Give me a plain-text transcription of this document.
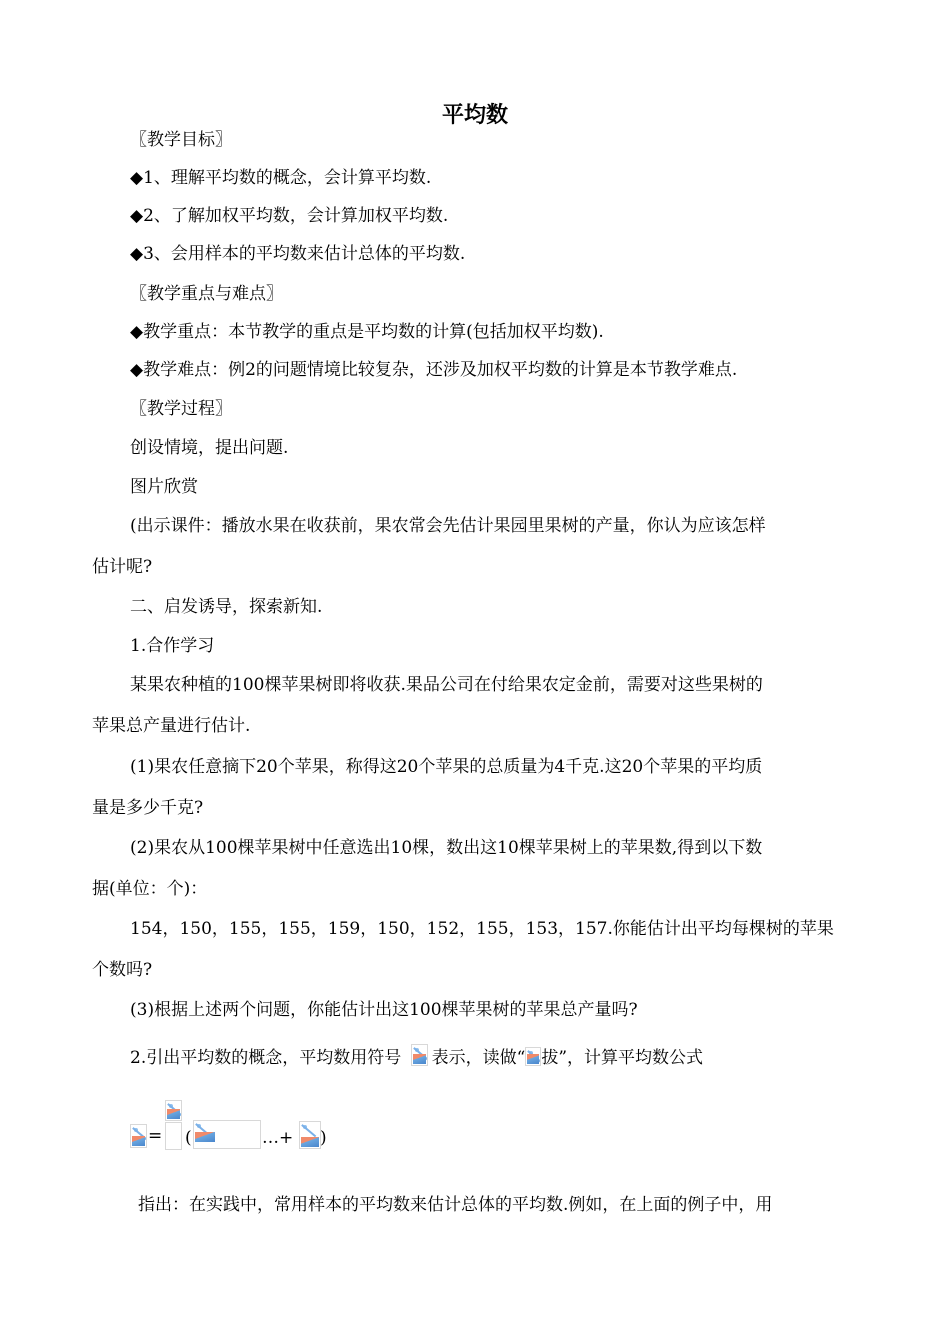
平均数
〖教学目标〗
◆1、理解平均数的概念，会计算平均数.
◆2、了解加权平均数，会计算加权平均数.
◆3、会用样本的平均数来估计总体的平均数.
〖教学重点与难点〗
◆教学重点：本节教学的重点是平均数的计算(包括加权平均数).
◆教学难点：例2的问题情境比较复杂，还涉及加权平均数的计算是本节教学难点.
〖教学过程〗
创设情境，提出问题.
图片欣赏
(出示课件：播放水果在收获前，果农常会先估计果园里果树的产量，你认为应该怎样
估计呢?
二、启发诱导，探索新知.
1.合作学习
某果农种植的100棵苹果树即将收获.果品公司在付给果农定金前，需要对这些果树的
苹果总产量进行估计.
(1)果农任意摘下20个苹果，称得这20个苹果的总质量为4千克.这20个苹果的平均质
量是多少千克?
(2)果农从100棵苹果树中任意选出10棵，数出这10棵苹果树上的苹果数,得到以下数
据(单位：个)：
154，150，155，155，159，150，152，155，153，157.你能估计出平均每棵树的苹果
个数吗?
(3)根据上述两个问题，你能估计出这100棵苹果树的苹果总产量吗?
2.引出平均数的概念，平均数用符号 表示，读做“ 拔”，计算平均数公式
= (	…+ )
指出：在实践中，常用样本的平均数来估计总体的平均数.例如，在上面的例子中，用
